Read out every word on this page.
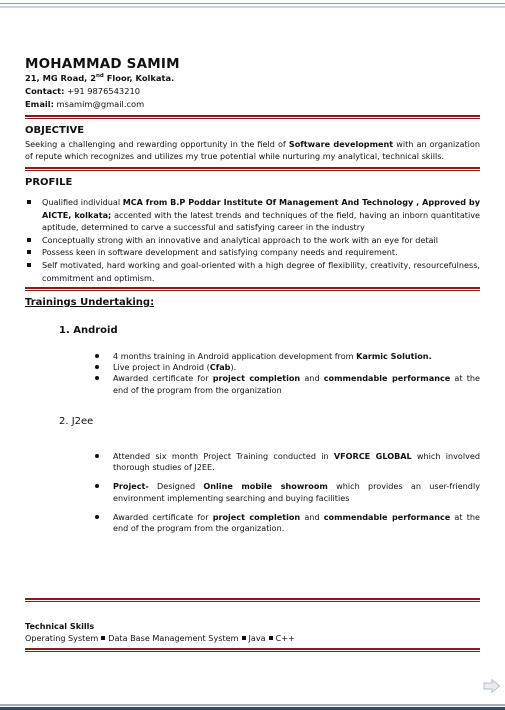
MOHAMMAD SAMIM
21, MG Road, 2nd Floor, Kolkata.
Contact: +91 9876543210
Email: msamim@gmail.com
OBJECTIVE
Seeking a challenging and rewarding opportunity in the field of Software development with an organization of repute which recognizes and utilizes my true potential while nurturing my analytical, technical skills.
PROFILE
Qualified individual MCA from B.P Poddar Institute Of Management And Technology , Approved by AICTE, kolkata; accented with the latest trends and techniques of the field, having an inborn quantitative aptitude, determined to carve a successful and satisfying career in the industry
Conceptually strong with an innovative and analytical approach to the work with an eye for detail
Possess keen in software development and satisfying company needs and requirement.
Self motivated, hard working and goal-oriented with a high degree of flexibility, creativity, resourcefulness, commitment and optimism.
Trainings Undertaking:
1. Android
4 months training in Android application development from Karmic Solution.
Live project in Android (Cfab).
Awarded certificate for project completion and commendable performance at the end of the program from the organization
2. J2ee
Attended six month Project Training conducted in VFORCE GLOBAL which involved thorough studies of J2EE.
Project- Designed Online mobile showroom which provides an user-friendly environment implementing searching and buying facilities
Awarded certificate for project completion and commendable performance at the end of the program from the organization.
Technical Skills
Operating System Data Base Management System Java C++
